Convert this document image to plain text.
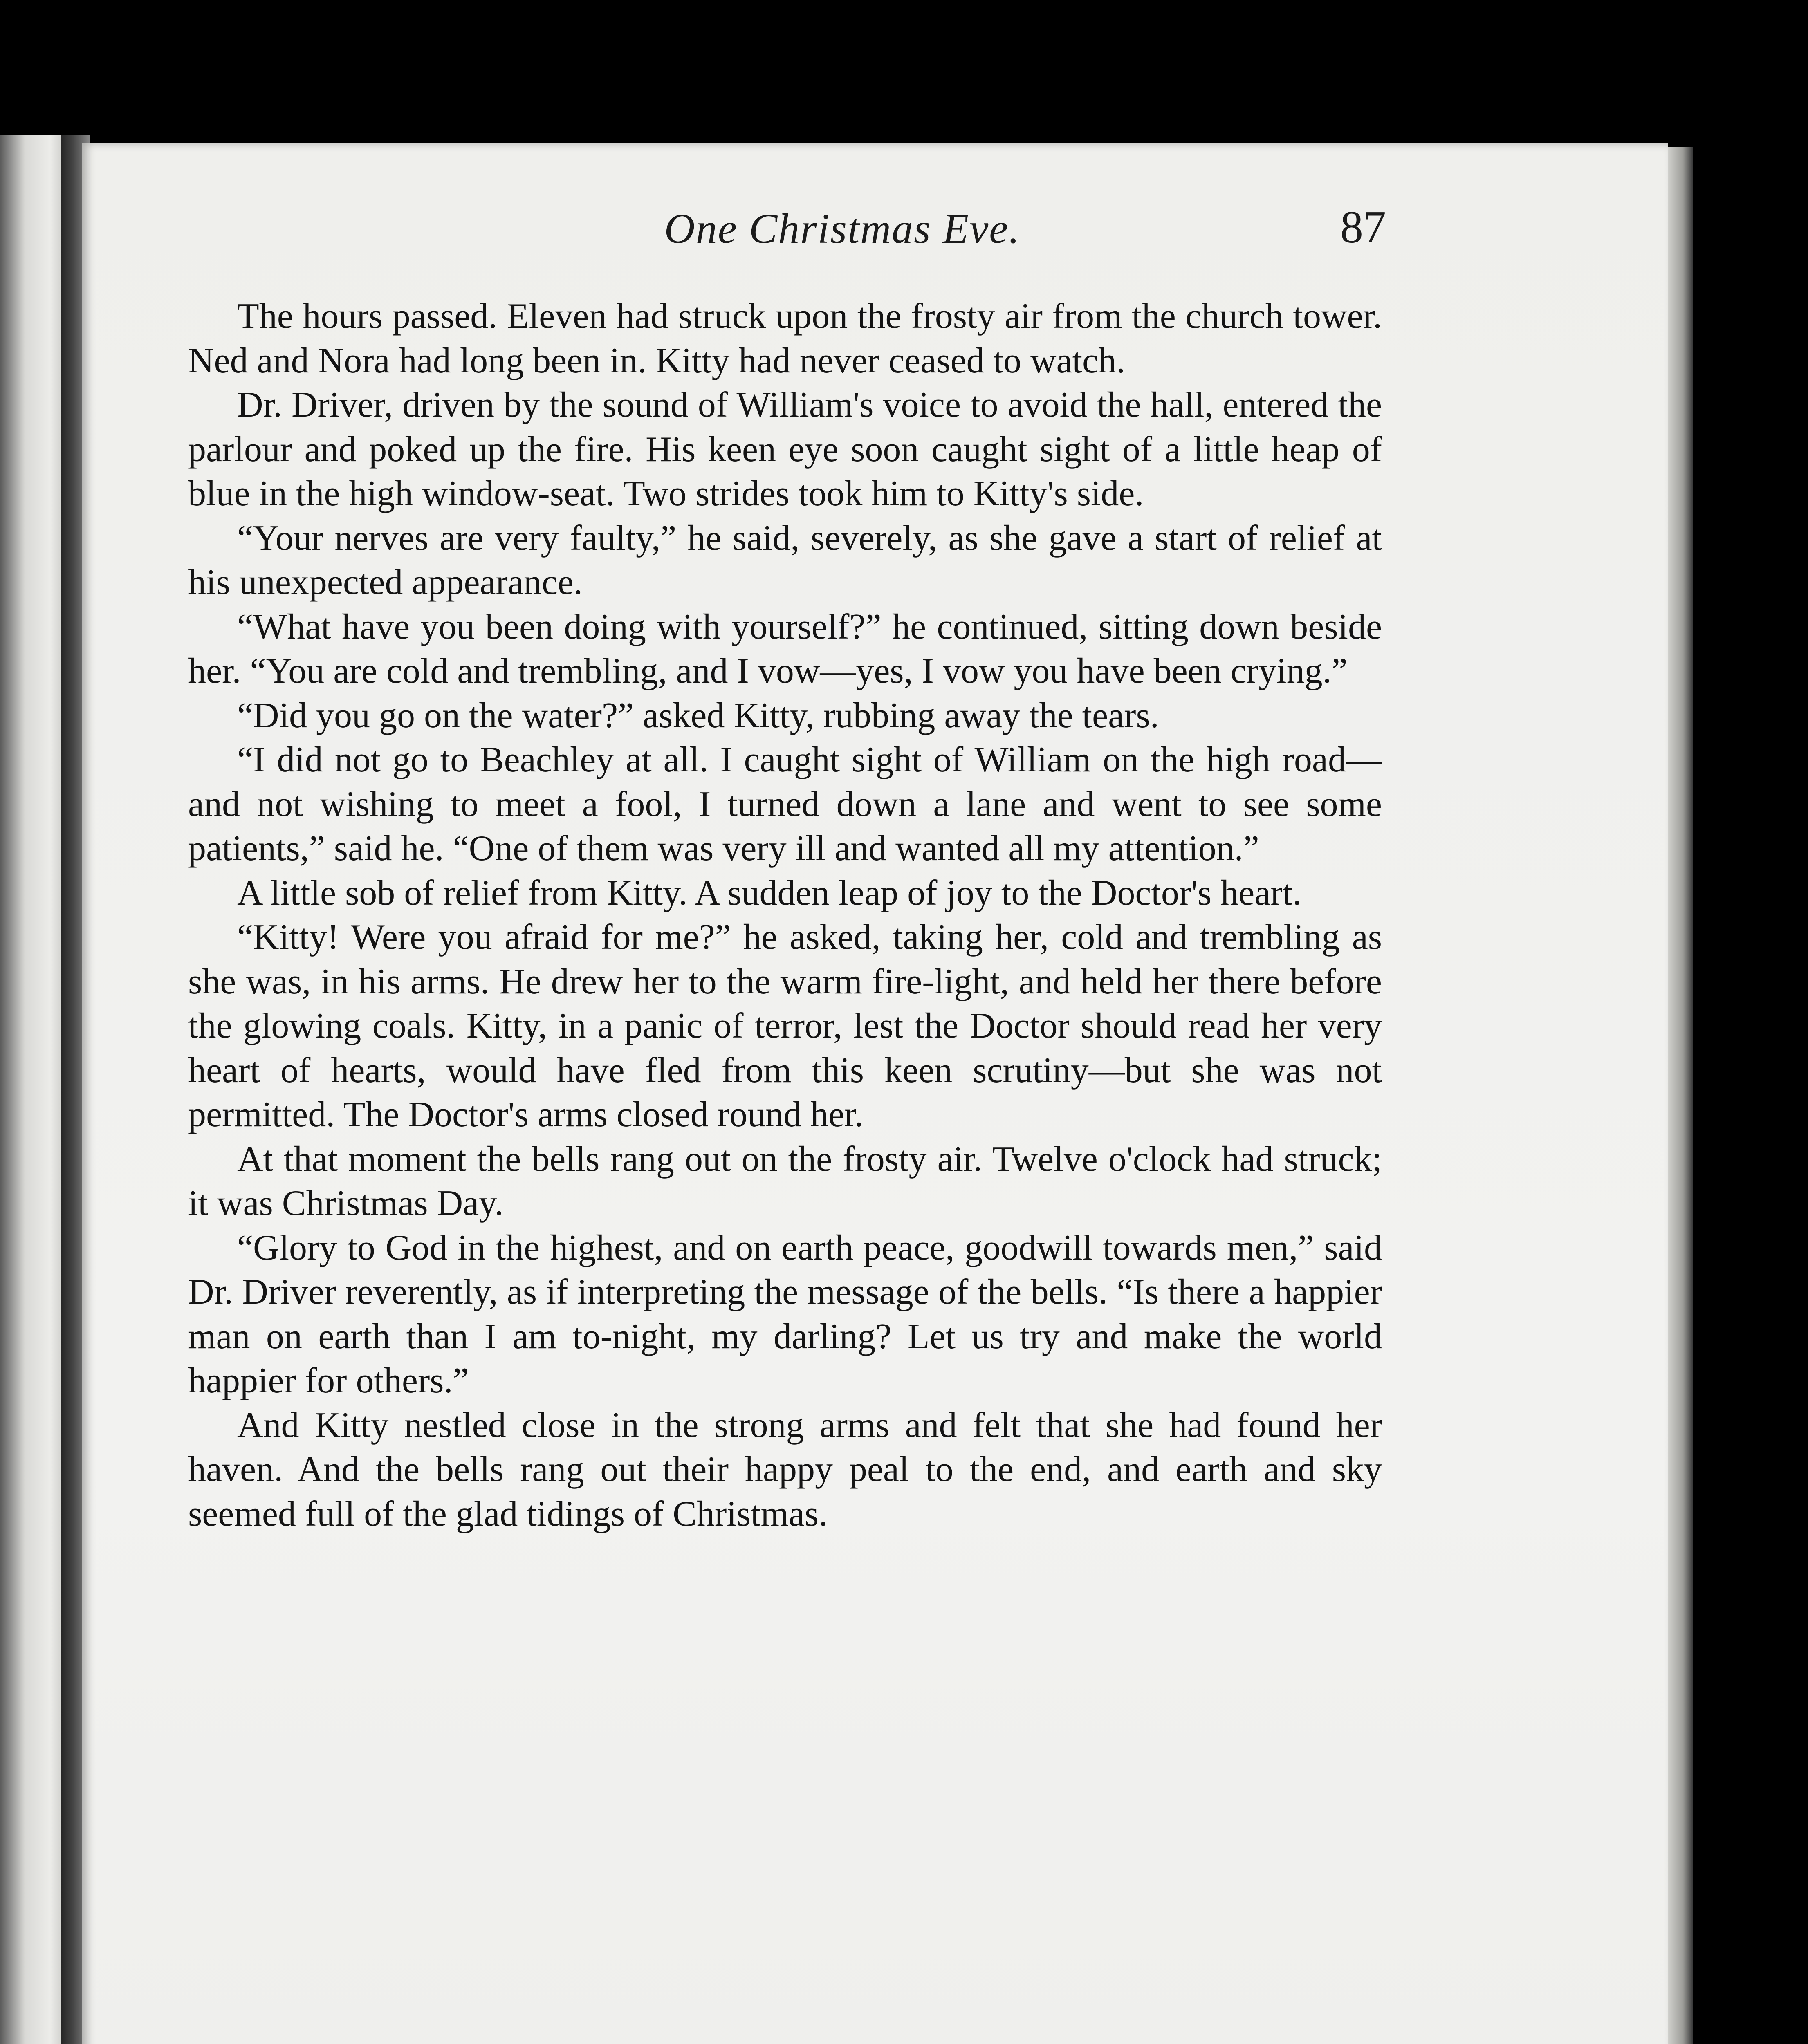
One Christmas Eve.	87

The hours passed. Eleven had struck upon the frosty air from the church tower. Ned and Nora had long been in. Kitty had never ceased to watch.

Dr. Driver, driven by the sound of William's voice to avoid the hall, entered the parlour and poked up the fire. His keen eye soon caught sight of a little heap of blue in the high window-seat. Two strides took him to Kitty's side.

“Your nerves are very faulty,” he said, severely, as she gave a start of relief at his unexpected appearance.

“What have you been doing with yourself?” he continued, sitting down beside her. “You are cold and trembling, and I vow—yes, I vow you have been crying.”

“Did you go on the water?” asked Kitty, rubbing away the tears.

“I did not go to Beachley at all. I caught sight of William on the high road—and not wishing to meet a fool, I turned down a lane and went to see some patients,” said he. “One of them was very ill and wanted all my attention.”

A little sob of relief from Kitty. A sudden leap of joy to the Doctor's heart.

“Kitty! Were you afraid for me?” he asked, taking her, cold and trembling as she was, in his arms. He drew her to the warm fire-light, and held her there before the glowing coals. Kitty, in a panic of terror, lest the Doctor should read her very heart of hearts, would have fled from this keen scrutiny—but she was not permitted. The Doctor's arms closed round her.

At that moment the bells rang out on the frosty air. Twelve o'clock had struck; it was Christmas Day.

“Glory to God in the highest, and on earth peace, goodwill towards men,” said Dr. Driver reverently, as if interpreting the message of the bells. “Is there a happier man on earth than I am to-night, my darling? Let us try and make the world happier for others.”

And Kitty nestled close in the strong arms and felt that she had found her haven. And the bells rang out their happy peal to the end, and earth and sky seemed full of the glad tidings of Christmas.
